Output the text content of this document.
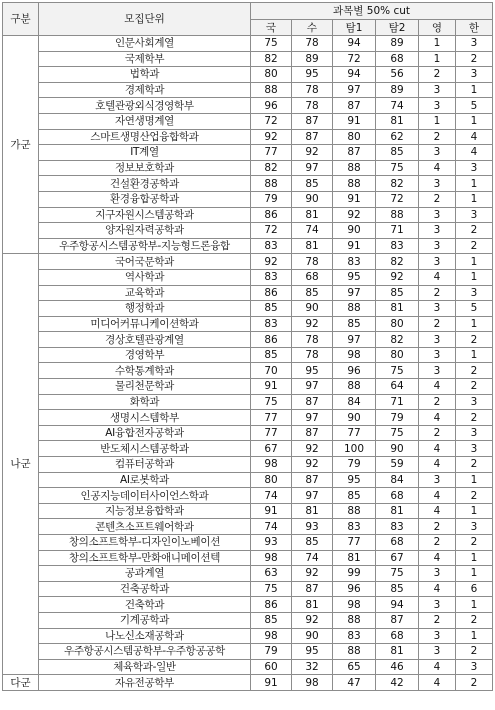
구분	모집단위	과목별 50% cut					
		국	수	탐1	탐2	영	한
가군	인문사회계열	75	78	94	89	1	3
	국제학부	82	89	72	68	1	2
	법학과	80	95	94	56	2	3
	경제학과	88	78	97	89	3	1
	호텔관광외식경영학부	96	78	87	74	3	5
	자연생명계열	72	87	91	81	1	1
	스마트생명산업융합학과	92	87	80	62	2	4
	IT계열	77	92	87	85	3	4
	정보보호학과	82	97	88	75	4	3
	건설환경공학과	88	85	88	82	3	1
	환경융합공학과	79	90	91	72	2	1
	지구자원시스템공학과	86	81	92	88	3	3
	양자원자력공학과	72	74	90	71	3	2
	우주항공시스템공학부-지능형드론융합	83	81	91	83	3	2
나군	국어국문학과	92	78	83	82	3	1
	역사학과	83	68	95	92	4	1
	교육학과	86	85	97	85	2	3
	행정학과	85	90	88	81	3	5
	미디어커뮤니케이션학과	83	92	85	80	2	1
	경상호텔관광계열	86	78	97	82	3	2
	경영학부	85	78	98	80	3	1
	수학통계학과	70	95	96	75	3	2
	물리천문학과	91	97	88	64	4	2
	화학과	75	87	84	71	2	3
	생명시스템학부	77	97	90	79	4	2
	AI융합전자공학과	77	87	77	75	2	3
	반도체시스템공학과	67	92	100	90	4	3
	컴퓨터공학과	98	92	79	59	4	2
	AI로봇학과	80	87	95	84	3	1
	인공지능데이터사이언스학과	74	97	85	68	4	2
	지능정보융합학과	91	81	88	81	4	1
	콘텐츠소프트웨어학과	74	93	83	83	2	3
	창의소프트학부-디자인이노베이션	93	85	77	68	2	2
	창의소프트학부-만화애니메이션텍	98	74	81	67	4	1
	공과계열	63	92	99	75	3	1
	건축공학과	75	87	96	85	4	6
	건축학과	86	81	98	94	3	1
	기계공학과	85	92	88	87	2	2
	나노신소재공학과	98	90	83	68	3	1
	우주항공시스템공학부-우주항공공학	79	95	88	81	3	2
	체육학과-일반	60	32	65	46	4	3
다군	자유전공학부	91	98	47	42	4	2
